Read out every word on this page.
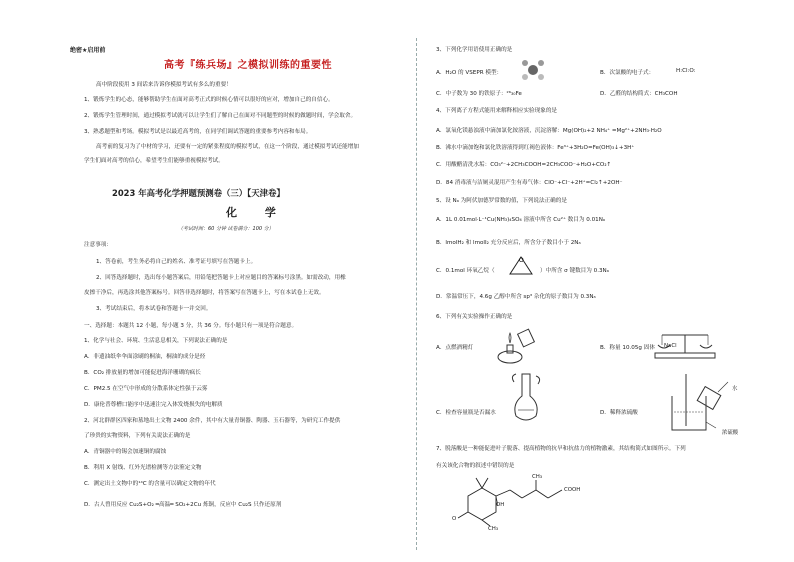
绝密★启用前
高考『练兵场』之模拟训练的重要性
高中阶段使用 3 间话来告诉你模拟考试有多么的重要！
1、锻炼学生的心态，能够帮助学生在面对高考正式的时候心情可以很好的应对，增加自己的自信心。
2、锻炼学生管理时间，通过模拟考试就可以让学生们了解自己在面对不同题型的时候的做题时间，学会取舍。
3、熟悉题型和考场。模拟考试是以最近高考的，在同学们调试答题的重要参考内容和布局。
高考前的复习为了中材的学习，还要有一定的紧张程度的模拟考试，在这一个阶段，通过模拟考试还能增加
学生们面对高考的信心，希望考生们能够重视模拟考试。
2023 年高考化学押题预测卷（三）【天津卷】
化 学
（考试时间：60 分钟 试卷满分：100 分）
注意事项：
1、答卷前，考生务必将自己的姓名、准考证号填写在答题卡上。
2、回答选择题时，选出每小题答案后，用铅笔把答题卡上对应题目的答案标号涂黑。如需改动，用橡
皮擦干净后，再选涂其他答案标号。回答非选择题时，将答案写在答题卡上，写在本试卷上无效。
3、考试结束后，将本试卷和答题卡一并交回。
一、选择题：本题共 12 小题，每小题 3 分，共 36 分。每小题只有一项是符合题意。
1、化学与社会、环境、生活息息相关，下列说法正确的是
A．非遗油纸伞伞面涂刷的桐油，桐油的成分是烃
B．CO₂ 排放量的增加可能促进海洋珊瑚的疯长
C．PM2.5 在空气中形成的分散系体定性强于云雾
D．康伦普尊槽口能序中迅速注完入体发烧损失的电解质
2、河北群群区四家和墓地出土文物 2400 余件，其中有大量青铜器、陶器、玉石器等，为研究工作提供
了珍贵的实物资料，下列有关说法正确的是
A．青铜器中的锡会加速铜的腐蚀
B．利用 X 射线、红外光谱检测等方法鉴定文物
C．测定出土文物中的¹⁴C 的含量可以确定文物的年代
D．古人曾用反应 Cu₂S+O₂ ═高温═ SO₂+2Cu 炼铜，反应中 Cu₂S 只作还原剂
3、下列化学用语使用正确的是
A．H₂O 的 VSEPR 模型：	B．次氯酸的电子式：	H:Cl:O:
C．中子数为 30 的铁原子：²⁶₃₀Fe	D．乙醛的结构简式：CH₃COH
4、下列离子方程式能用来解释相应实验现象的是
A．氯氧化镁悬浊液中滴加氯化铵溶液，沉淀溶解：Mg(OH)₂+2 NH₄⁺ =Mg²⁺+2NH₃·H₂O
B．沸水中滴加饱和氯化铁溶液得到红褐色液体：Fe³⁺+3H₂O=Fe(OH)₃↓+3H⁺
C．用酸醋清洗水垢：CO₃²⁻+2CH₃COOH=2CH₃COO⁻+H₂O+CO₂↑
D．84 消毒液与洁厕灵混用产生有毒气体：ClO⁻+Cl⁻+2H⁺=Cl₂↑+2OH⁻
5、设 Nₐ 为阿伏加德罗常数的值，下列说法正确的是
A．1L 0.01mol·L⁻¹Cu(NH₃)₄SO₄ 溶液中所含 Cu²⁺ 数目为 0.01Nₐ
B．lmolH₂ 和 lmolI₂ 充分反应后，所含分子数目小于 2Nₐ
C．0.1mol 环氧乙烷（
O
）中所含 σ 键数目为 0.3Nₐ
D．常温常压下，4.6g 乙醇中所含 sp³ 杂化的原子数目为 0.3Nₐ
6、下列有关实验操作正确的是
A．点燃酒精灯	B．称量 10.05g 固体 NaCl
C．检查容量瓶是否漏水	D．稀释浓硫酸
水
浓硫酸
7、脱落酸是一种能促进叶子脱落、提高植物的抗旱和抗盐力的植物激素，其结构简式如图所示。下列
有关该化合物的叙述中错误的是
CH₃
COOH
OH
O
CH₃
